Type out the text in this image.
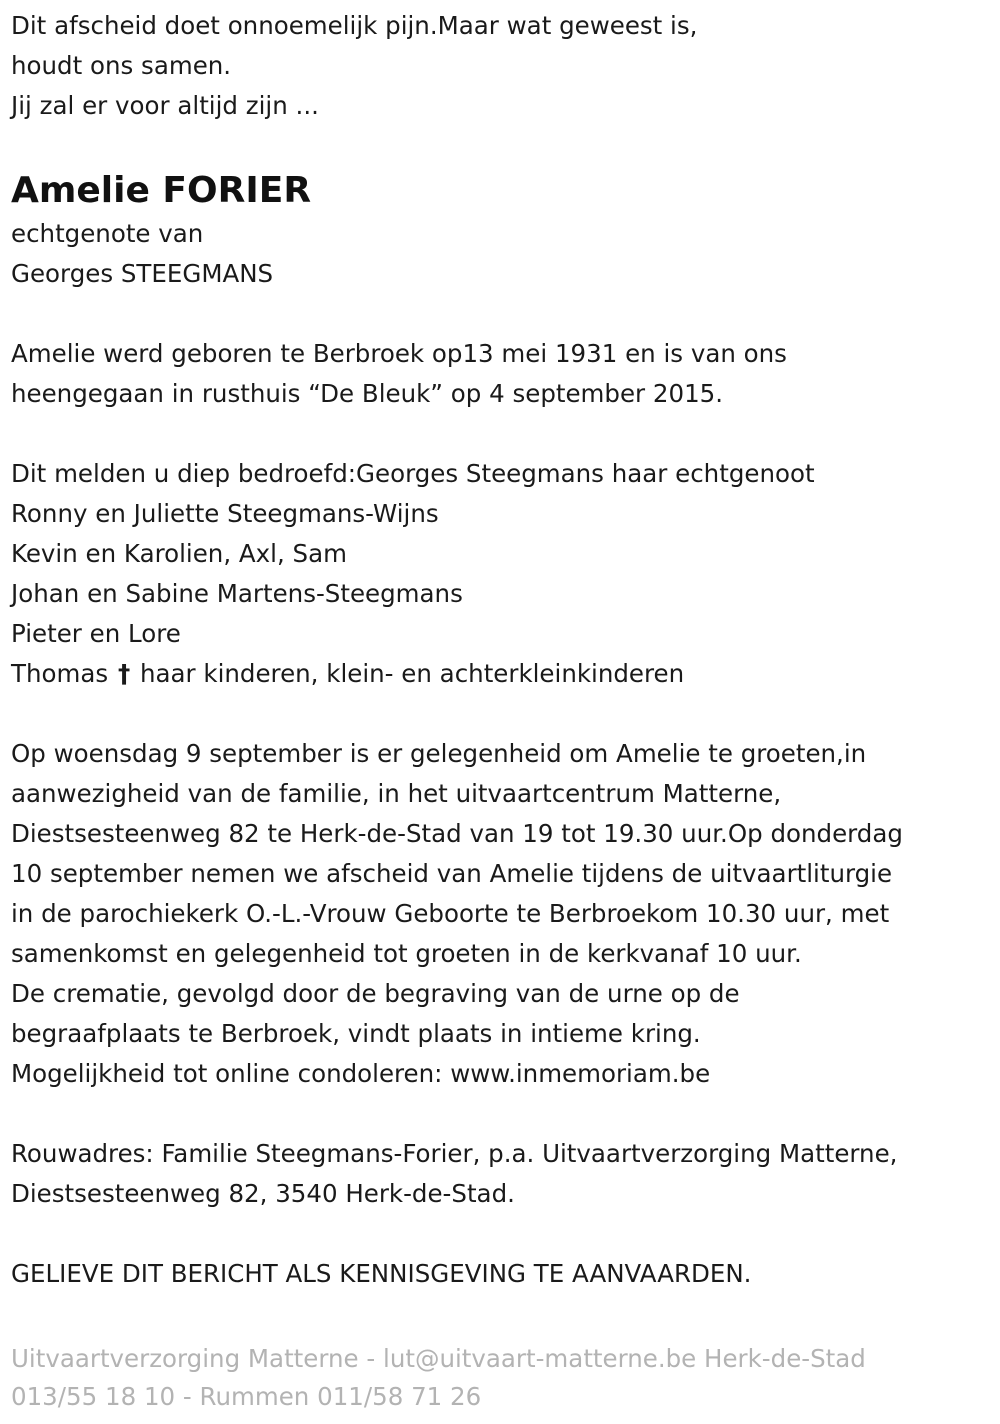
Dit afscheid doet onnoemelijk pijn.Maar wat geweest is,
houdt ons samen.
Jij zal er voor altijd zijn ...
Amelie FORIER
echtgenote van
Georges STEEGMANS
Amelie werd geboren te Berbroek op13 mei 1931 en is van ons
heengegaan in rusthuis “De Bleuk” op 4 september 2015.
Dit melden u diep bedroefd:Georges Steegmans haar echtgenoot
Ronny en Juliette Steegmans-Wijns
Kevin en Karolien, Axl, Sam
Johan en Sabine Martens-Steegmans
Pieter en Lore
Thomas † haar kinderen, klein- en achterkleinkinderen
Op woensdag 9 september is er gelegenheid om Amelie te groeten,in
aanwezigheid van de familie, in het uitvaartcentrum Matterne,
Diestsesteenweg 82 te Herk-de-Stad van 19 tot 19.30 uur.Op donderdag
10 september nemen we afscheid van Amelie tijdens de uitvaartliturgie
in de parochiekerk O.-L.-Vrouw Geboorte te Berbroekom 10.30 uur, met
samenkomst en gelegenheid tot groeten in de kerkvanaf 10 uur.
De crematie, gevolgd door de begraving van de urne op de
begraafplaats te Berbroek, vindt plaats in intieme kring.
Mogelijkheid tot online condoleren: www.inmemoriam.be
Rouwadres: Familie Steegmans-Forier, p.a. Uitvaartverzorging Matterne,
Diestsesteenweg 82, 3540 Herk-de-Stad.
GELIEVE DIT BERICHT ALS KENNISGEVING TE AANVAARDEN.
Uitvaartverzorging Matterne - lut@uitvaart-matterne.be Herk-de-Stad
013/55 18 10 - Rummen 011/58 71 26
